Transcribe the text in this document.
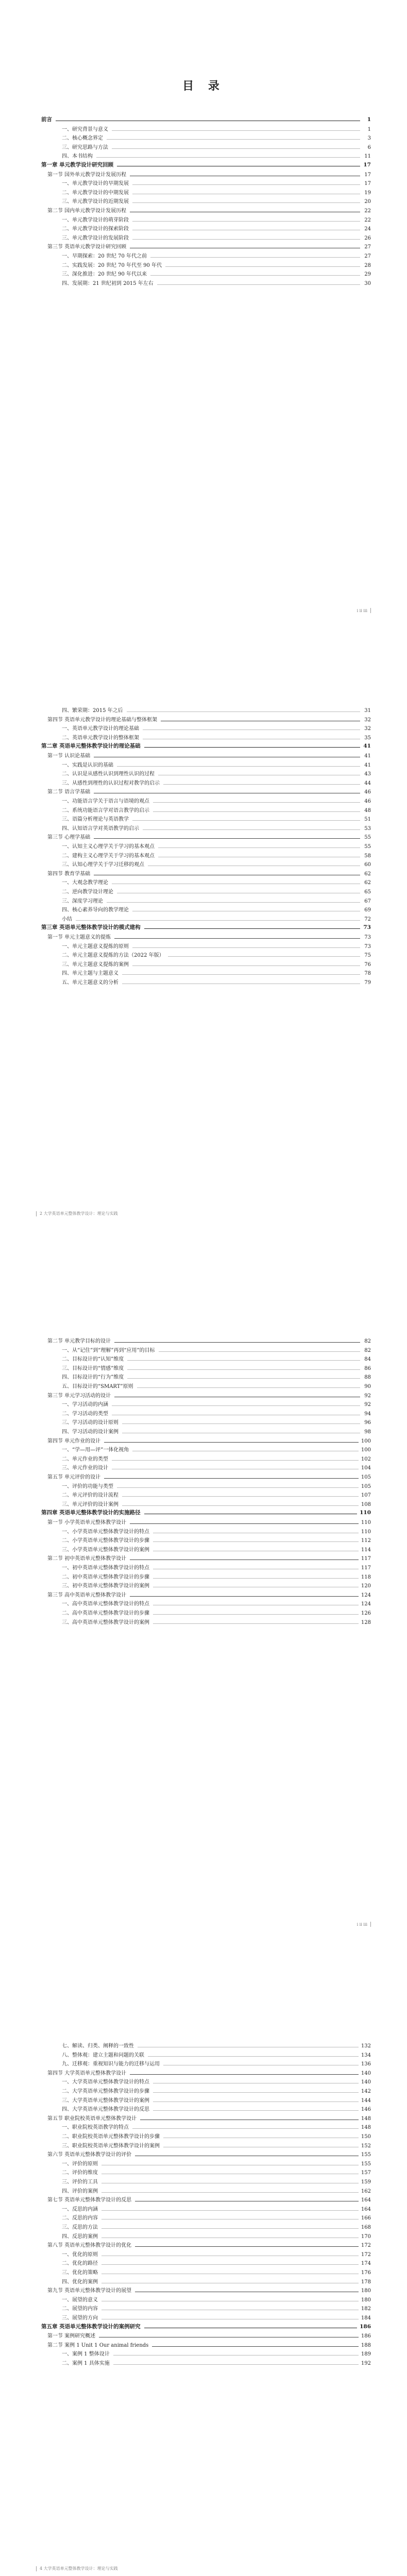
目 录
前言	1
一、研究背景与意义	1
二、核心概念界定	3
三、研究思路与方法	6
四、本书结构	11
第一章 单元教学设计研究回顾	17
第一节 国外单元教学设计发展历程	17
一、单元教学设计的早期发展	17
二、单元教学设计的中期发展	19
三、单元教学设计的近期发展	20
第二节 国内单元教学设计发展历程	22
一、单元教学设计的萌芽阶段	22
二、单元教学设计的探索阶段	24
三、单元教学设计的发展阶段	26
第三节 英语单元教学设计研究回顾	27
一、早期探索：20 世纪 70 年代之前	27
二、实践发展：20 世纪 70 年代至 90 年代	28
三、深化推进：20 世纪 90 年代以来	29
四、发展期：21 世纪初到 2015 年左右	30
i ii iii
四、繁荣期：2015 年之后	31
第四节 英语单元教学设计的理论基础与整体框架	32
一、英语单元教学设计的理论基础	32
二、英语单元教学设计的整体框架	35
第二章 英语单元整体教学设计的理论基础	41
第一节 认识论基础	41
一、实践是认识的基础	41
二、认识是从感性认识到理性认识的过程	43
三、从感性到理性的认识过程对教学的启示	44
第二节 语言学基础	46
一、功能语言学关于语言与语境的观点	46
二、系统功能语言学对语言教学的启示	48
三、语篇分析理论与英语教学	51
四、认知语言学对英语教学的启示	53
第三节 心理学基础	55
一、认知主义心理学关于学习的基本观点	55
二、建构主义心理学关于学习的基本观点	58
三、认知心理学关于学习迁移的观点	60
第四节 教育学基础	62
一、大观念教学理论	62
二、逆向教学设计理论	65
三、深度学习理论	67
四、核心素养导向的教学理论	69
小结	72
第三章 英语单元整体教学设计的模式建构	73
第一节 单元主题意义的提炼	73
一、单元主题意义提炼的原则	73
二、单元主题意义提炼的方法（2022 年版）	75
三、单元主题意义提炼的案例	76
四、单元主题与主题意义	78
五、单元主题意义的分析	79
2 大学英语单元整体教学设计：理论与实践
第二节 单元教学目标的设计	82
一、从“记住”到“理解”再到“应用”的目标	82
二、目标设计的“认知”维度	84
三、目标设计的“情感”维度	86
四、目标设计的“行为”维度	88
五、目标设计的“SMART”原则	90
第三节 单元学习活动的设计	92
一、学习活动的内涵	92
二、学习活动的类型	94
三、学习活动的设计原则	96
四、学习活动的设计案例	98
第四节 单元作业的设计	100
一、“学—用—评”一体化视角	100
二、单元作业的类型	102
三、单元作业的设计	104
第五节 单元评价的设计	105
一、评价的功能与类型	105
二、单元评价的设计流程	107
三、单元评价的设计案例	108
第四章 英语单元整体教学设计的实施路径	110
第一节 小学英语单元整体教学设计	110
一、小学英语单元整体教学设计的特点	110
二、小学英语单元整体教学设计的步骤	112
三、小学英语单元整体教学设计的案例	114
第二节 初中英语单元整体教学设计	117
一、初中英语单元整体教学设计的特点	117
二、初中英语单元整体教学设计的步骤	118
三、初中英语单元整体教学设计的案例	120
第三节 高中英语单元整体教学设计	124
一、高中英语单元整体教学设计的特点	124
二、高中英语单元整体教学设计的步骤	126
三、高中英语单元整体教学设计的案例	128
i ii iii
七、解读、归类、阐释的一致性	132
八、整体观：建立主题和问题的关联	134
九、迁移观：重视知识与能力的迁移与运用	136
第四节 大学英语单元整体教学设计	140
一、大学英语单元整体教学设计的特点	140
二、大学英语单元整体教学设计的步骤	142
三、大学英语单元整体教学设计的案例	144
四、大学英语单元整体教学设计的反思	146
第五节 职业院校英语单元整体教学设计	148
一、职业院校英语教学的特点	148
二、职业院校英语单元整体教学设计的步骤	150
三、职业院校英语单元整体教学设计的案例	152
第六节 英语单元整体教学设计的评价	155
一、评价的原则	155
二、评价的维度	157
三、评价的工具	159
四、评价的案例	162
第七节 英语单元整体教学设计的反思	164
一、反思的内涵	164
二、反思的内容	166
三、反思的方法	168
四、反思的案例	170
第八节 英语单元整体教学设计的优化	172
一、优化的原则	172
二、优化的路径	174
三、优化的策略	176
四、优化的案例	178
第九节 英语单元整体教学设计的展望	180
一、展望的意义	180
二、展望的内容	182
三、展望的方向	184
第五章 英语单元整体教学设计的案例研究	186
第一节 案例研究概述	186
第二节 案例 1 Unit 1 Our animal friends	188
一、案例 1 整体设计	189
二、案例 1 具体实施	192
4 大学英语单元整体教学设计：理论与实践
